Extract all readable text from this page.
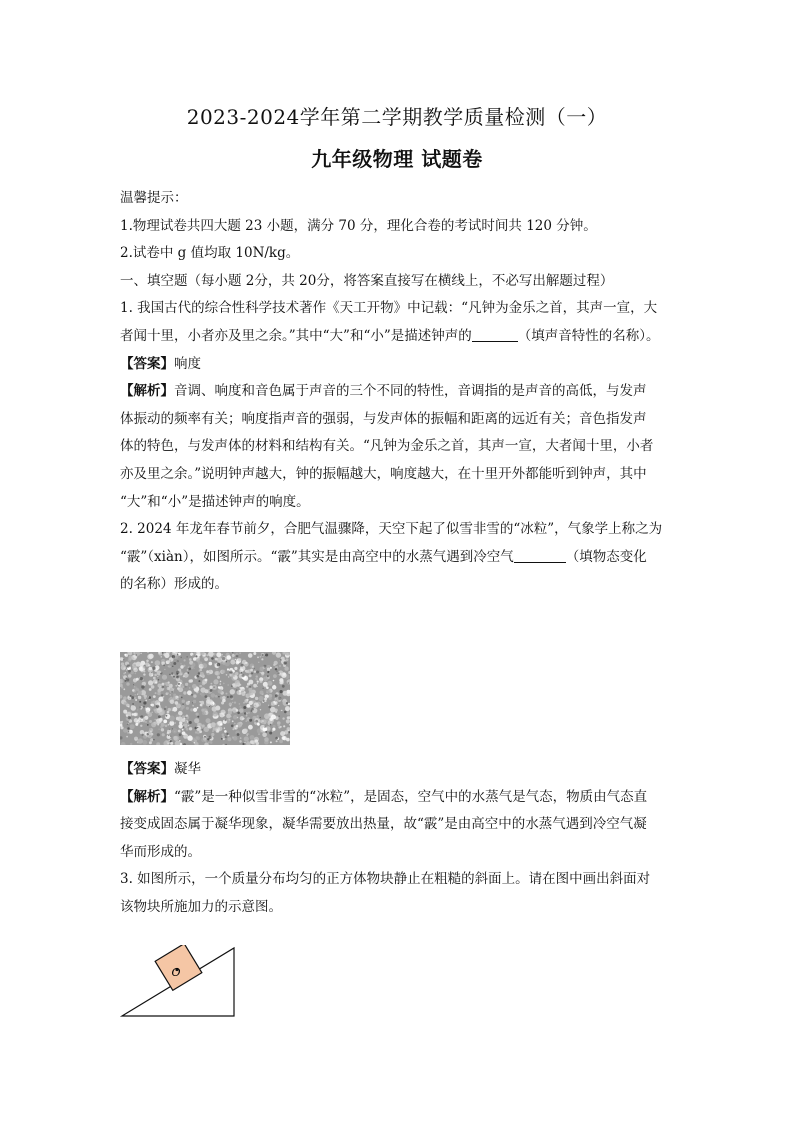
2023-2024学年第二学期教学质量检测（一）
九年级物理 试题卷
温馨提示：
1.物理试卷共四大题 23 小题，满分 70 分，理化合卷的考试时间共 120 分钟。
2.试卷中 g 值均取 10N/kg。
一、填空题（每小题 2分，共 20分，将答案直接写在横线上，不必写出解题过程）
1. 我国古代的综合性科学技术著作《天工开物》中记载：“凡钟为金乐之首，其声一宣，大
者闻十里，小者亦及里之余。”其中“大”和“小”是描述钟声的	（填声音特性的名称）。
【答案】响度
【解析】音调、响度和音色属于声音的三个不同的特性，音调指的是声音的高低，与发声
体振动的频率有关；响度指声音的强弱，与发声体的振幅和距离的远近有关；音色指发声
体的特色，与发声体的材料和结构有关。“凡钟为金乐之首，其声一宣，大者闻十里，小者
亦及里之余。”说明钟声越大，钟的振幅越大，响度越大，在十里开外都能听到钟声，其中
“大”和“小”是描述钟声的响度。
2. 2024 年龙年春节前夕，合肥气温骤降，天空下起了似雪非雪的“冰粒”，气象学上称之为
“霰”（xiàn），如图所示。“霰”其实是由高空中的水蒸气遇到冷空气	（填物态变化
的名称）形成的。
【答案】凝华
【解析】“霰”是一种似雪非雪的“冰粒”，是固态，空气中的水蒸气是气态，物质由气态直
接变成固态属于凝华现象，凝华需要放出热量，故“霰”是由高空中的水蒸气遇到冷空气凝
华而形成的。
3. 如图所示，一个质量分布均匀的正方体物块静止在粗糙的斜面上。请在图中画出斜面对
该物块所施加力的示意图。
O
